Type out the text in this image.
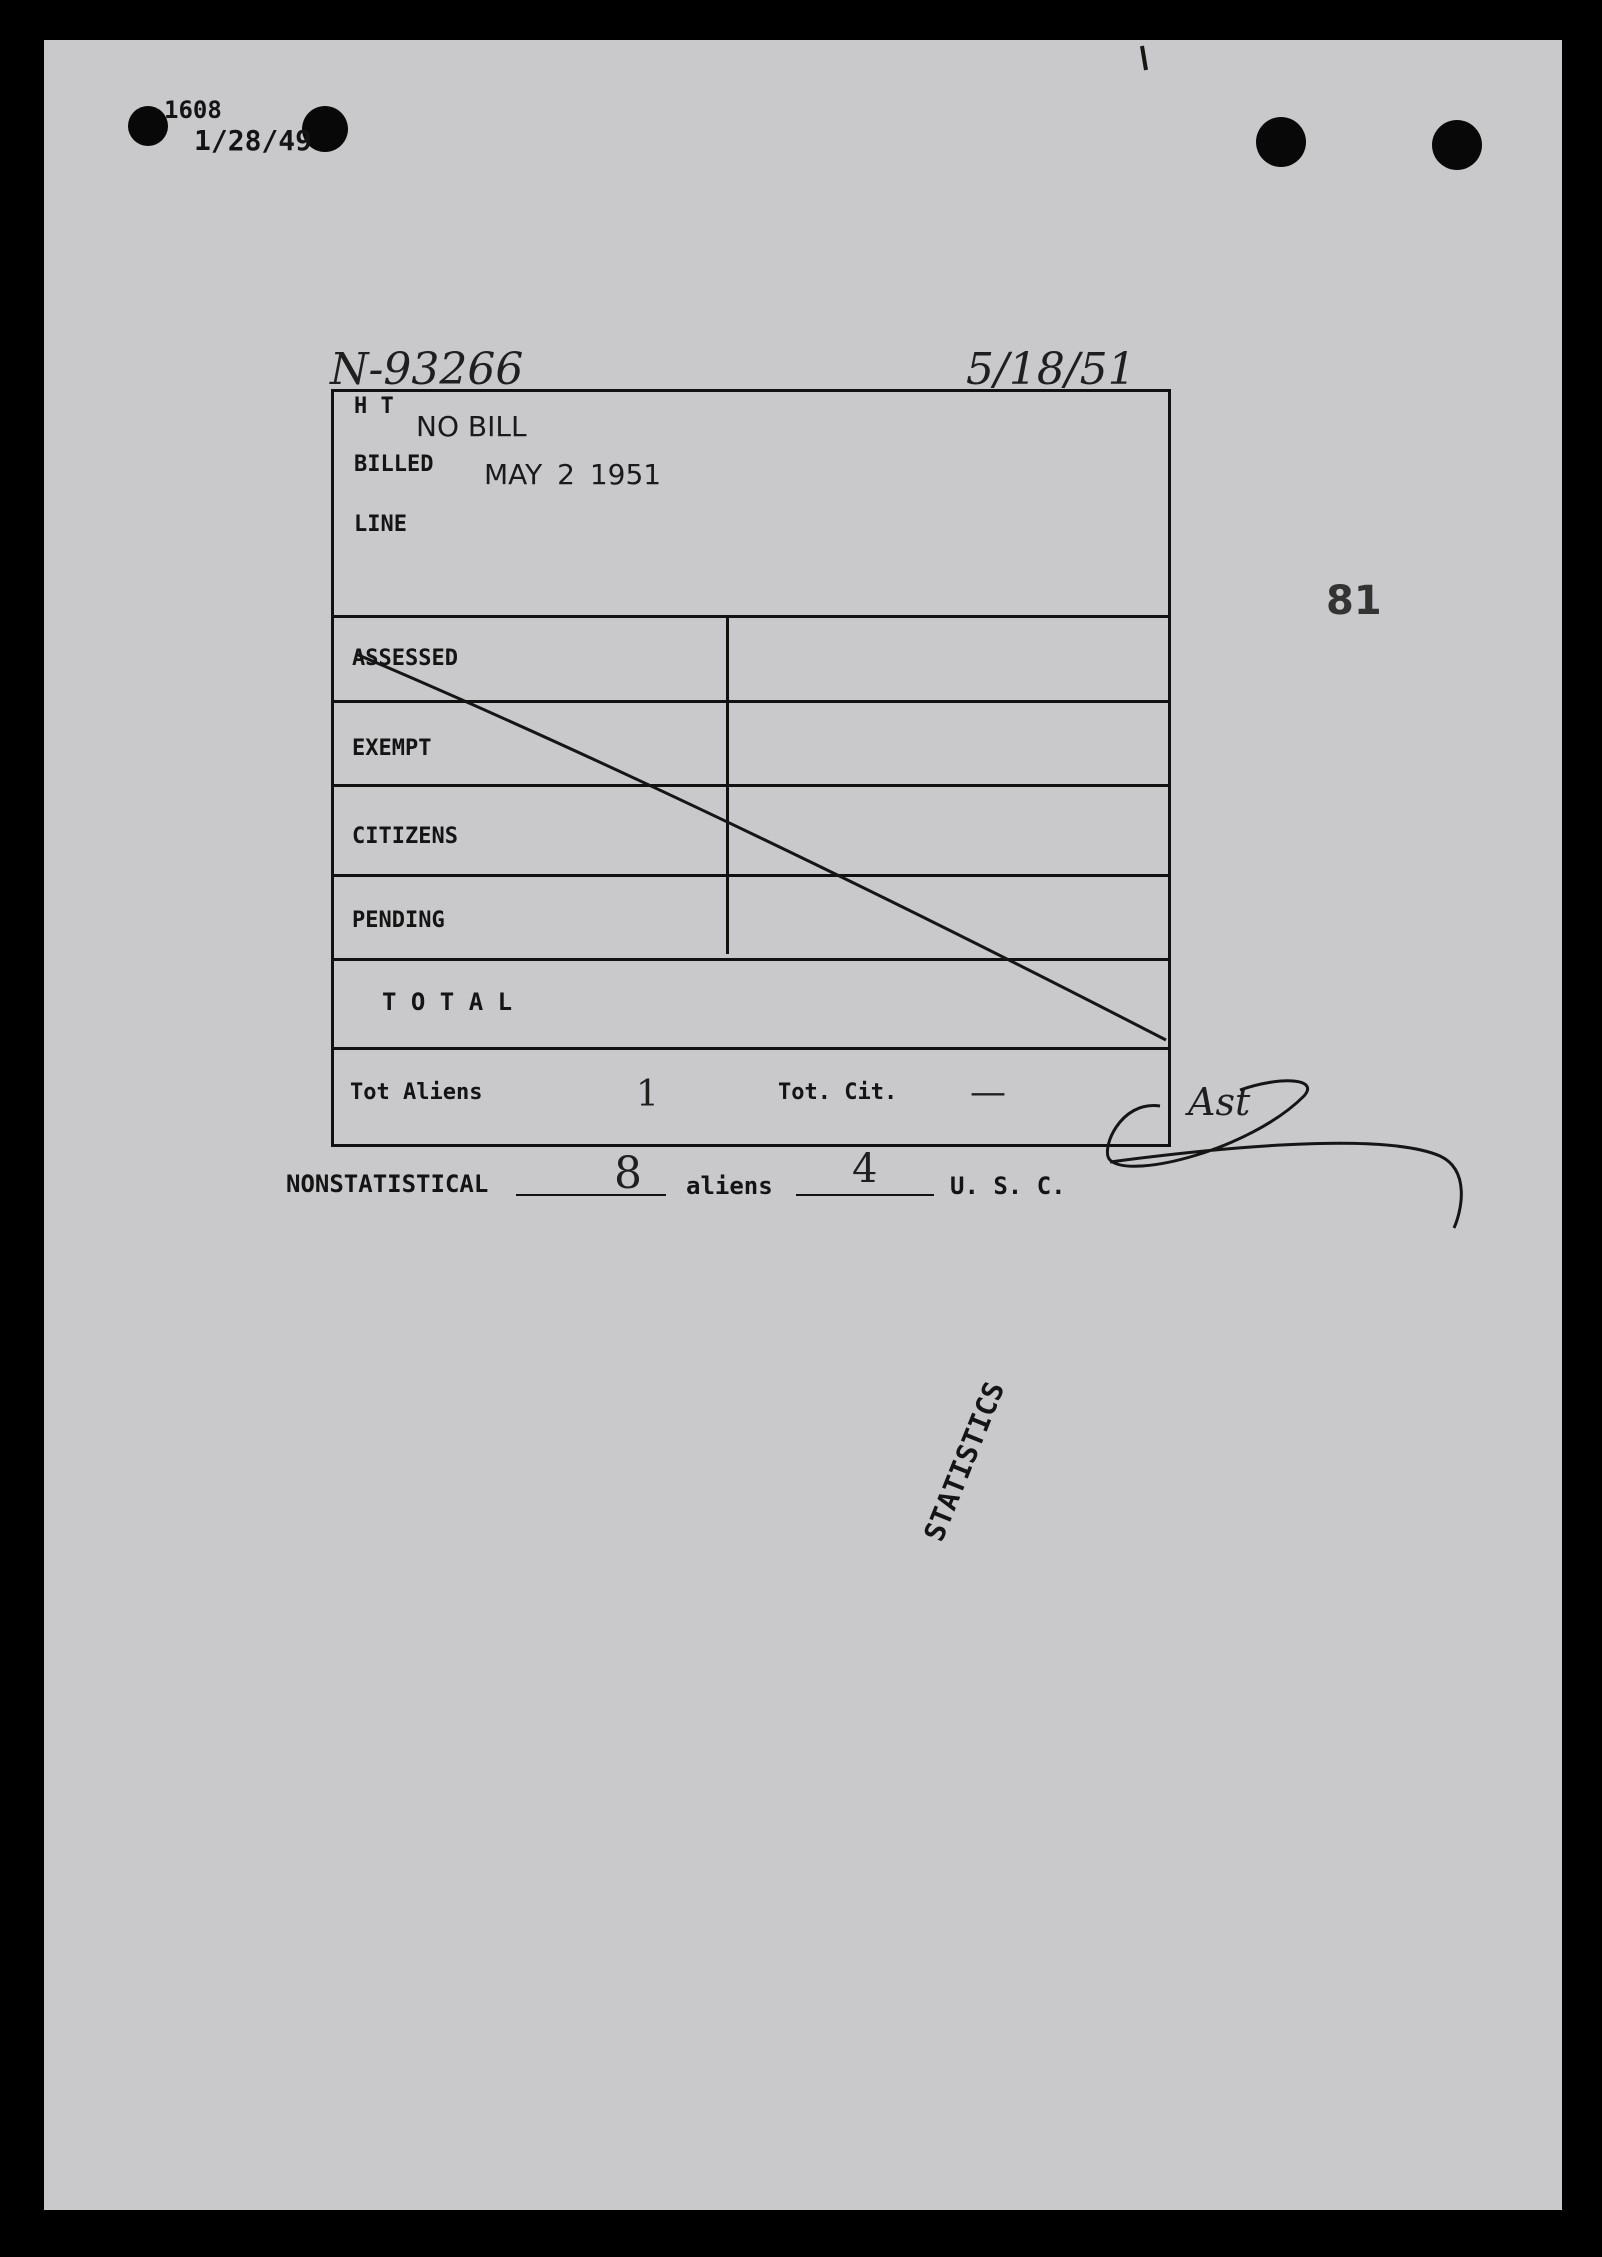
1608
1/28/49
N-93266	5/18/51
H T
NO BILL
BILLED MAY 2 1951
LINE
ASSESSED
EXEMPT
CITIZENS
PENDING
T O T A L
Tot Aliens	1	Tot. Cit. —
81
NONSTATISTICAL	8 aliens 4	U. S. C.
Ast
STATISTICS
